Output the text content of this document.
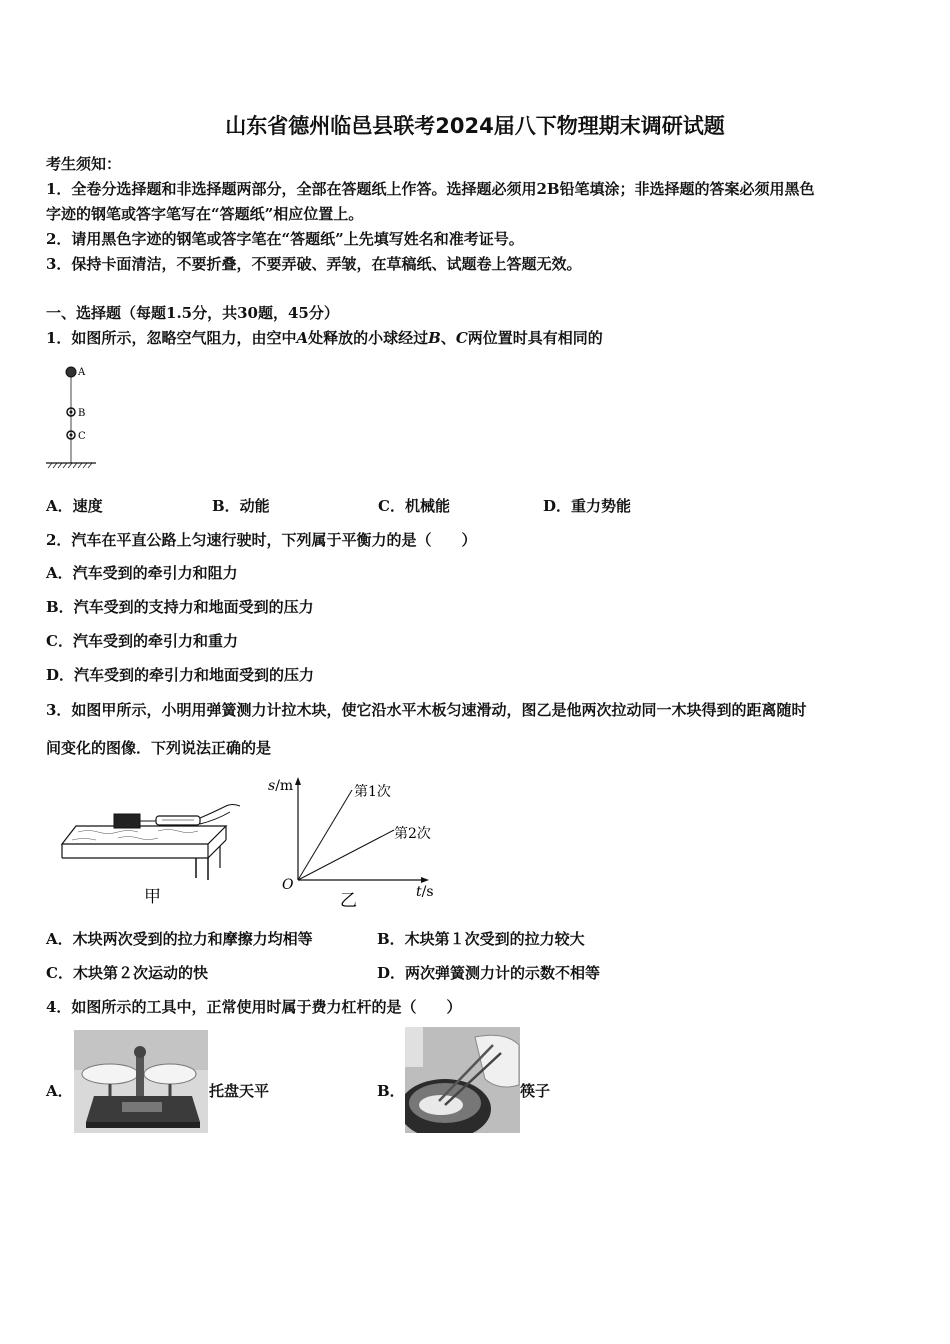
山东省德州临邑县联考2024届八下物理期末调研试题
考生须知：
1．全卷分选择题和非选择题两部分，全部在答题纸上作答。选择题必须用2B铅笔填涂；非选择题的答案必须用黑色
字迹的钢笔或答字笔写在“答题纸”相应位置上。
2．请用黑色字迹的钢笔或答字笔在“答题纸”上先填写姓名和准考证号。
3．保持卡面清洁，不要折叠，不要弄破、弄皱，在草稿纸、试题卷上答题无效。
一、选择题（每题1.5分，共30题，45分）
1．如图所示，忽略空气阻力，由空中A处释放的小球经过B、C两位置时具有相同的
A
B
C
A．速度	B．动能	C．机械能	D．重力势能
2．汽车在平直公路上匀速行驶时，下列属于平衡力的是（　　）
A．汽车受到的牵引力和阻力
B．汽车受到的支持力和地面受到的压力
C．汽车受到的牵引力和重力
D．汽车受到的牵引力和地面受到的压力
3．如图甲所示，小明用弹簧测力计拉木块，使它沿水平木板匀速滑动，图乙是他两次拉动同一木块得到的距离随时
间变化的图像．下列说法正确的是
甲
s/m
t/s
O
第1次
第2次
乙
A．木块两次受到的拉力和摩擦力均相等	B．木块第１次受到的拉力较大
C．木块第２次运动的快	D．两次弹簧测力计的示数不相等
4．如图所示的工具中，正常使用时属于费力杠杆的是（　　）
A．	托盘天平	B．	筷子
